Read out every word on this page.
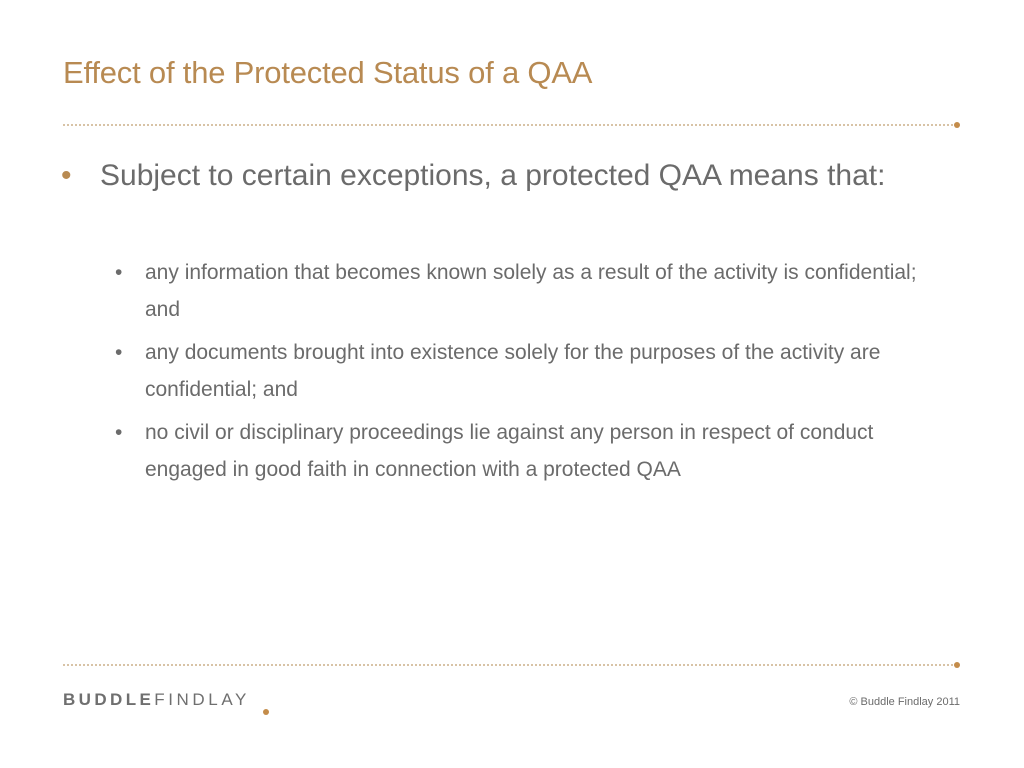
Effect of the Protected Status of a QAA

• Subject to certain exceptions, a protected QAA means that:

• any information that becomes known solely as a result of the activity is confidential; and

• any documents brought into existence solely for the purposes of the activity are confidential; and

• no civil or disciplinary proceedings lie against any person in respect of conduct engaged in good faith in connection with a protected QAA

BUDDLEFINDLAY	© Buddle Findlay 2011
